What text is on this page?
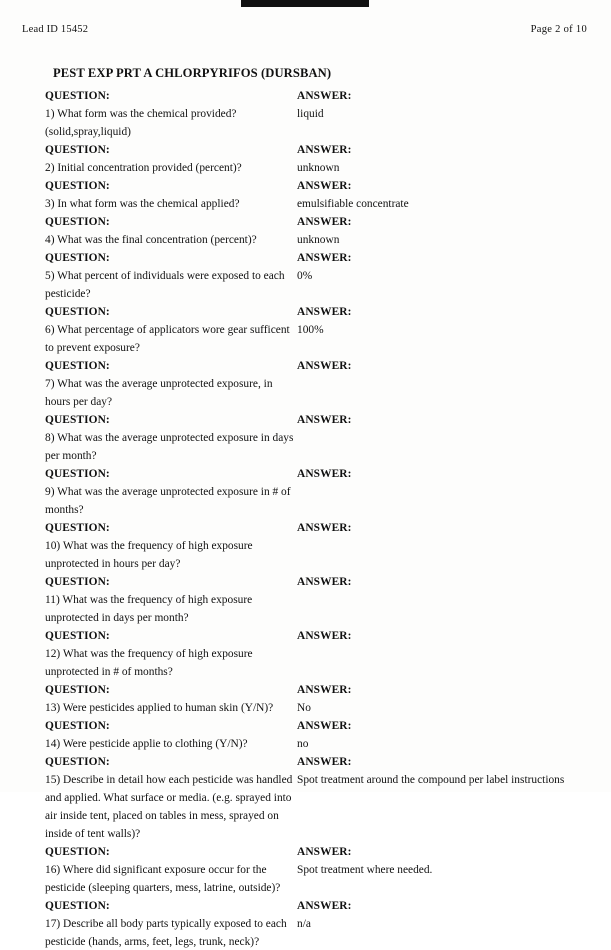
Lead ID 15452	Page 2 of 10
PEST EXP PRT A CHLORPYRIFOS (DURSBAN)
QUESTION:	ANSWER:
1) What form was the chemical provided?(solid,spray,liquid)	liquid
QUESTION:	ANSWER:
2) Initial concentration provided (percent)?	unknown
QUESTION:	ANSWER:
3) In what form was the chemical applied?	emulsifiable concentrate
QUESTION:	ANSWER:
4) What was the final concentration (percent)?	unknown
QUESTION:	ANSWER:
5) What percent of individuals were exposed to each pesticide?	0%
QUESTION:	ANSWER:
6) What percentage of applicators wore gear sufficent to prevent exposure?	100%
QUESTION:	ANSWER:
7) What was the average unprotected exposure, in hours per day?	
QUESTION:	ANSWER:
8) What was the average unprotected exposure in days per month?	
QUESTION:	ANSWER:
9) What was the average unprotected exposure in # of months?	
QUESTION:	ANSWER:
10) What was the frequency of high exposure unprotected in hours per day?	
QUESTION:	ANSWER:
11) What was the frequency of high exposure unprotected in days per month?	
QUESTION:	ANSWER:
12) What was the frequency of high exposure unprotected in # of months?	
QUESTION:	ANSWER:
13) Were pesticides applied to human skin (Y/N)?	No
QUESTION:	ANSWER:
14) Were pesticide applie to clothing (Y/N)?	no
QUESTION:	ANSWER:
15) Describe in detail how each pesticide was handled and applied. What surface or media. (e.g. sprayed into air inside tent, placed on tables in mess, sprayed on inside of tent walls)?	Spot treatment around the compound per label instructions
QUESTION:	ANSWER:
16) Where did significant exposure occur for the pesticide (sleeping quarters, mess, latrine, outside)?	Spot treatment where needed.
QUESTION:	ANSWER:
17) Describe all body parts typically exposed to each pesticide (hands, arms, feet, legs, trunk, neck)?	n/a
